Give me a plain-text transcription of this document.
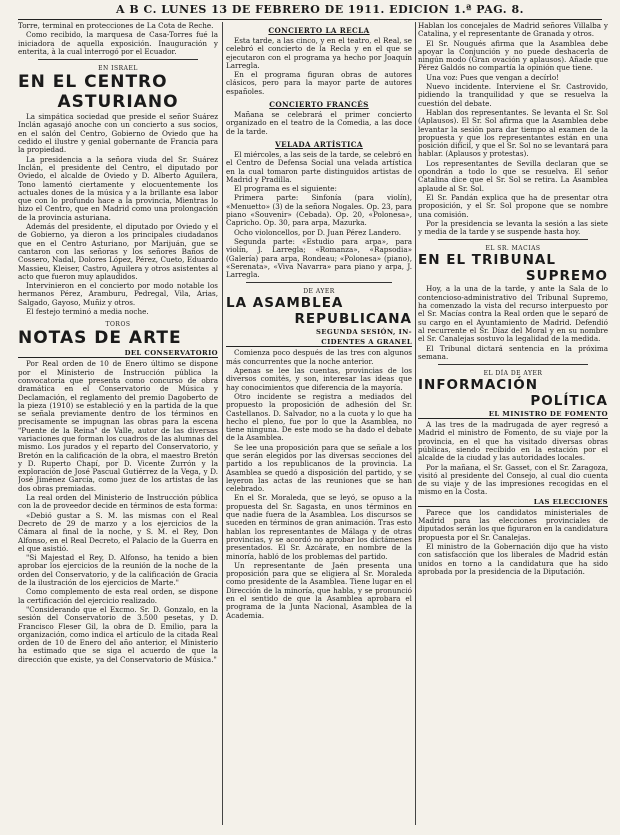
A B C. LUNES 13 DE FEBRERO DE 1911. EDICION 1.ª PAG. 8.

Torre, terminal en protecciones de La Cota de Reche.

Como recibido, la marquesa de Casa-Torres fué la iniciadora de aquella exposición. Inauguración y enterita, à la cual interrogó por el Ecuador.

EN ISRAEL
EN EL CENTRO
ASTURIANO

La simpática sociedad que preside el señor Suárez Inclán agasajó anoche con un concierto a sus socios, en el salón del Centro, Gobierno de Oviedo que ha cedido el ilustre y genial gobernante de Francia para la propiedad.

La presidencia a la señora viuda del Sr. Suárez Inclán, el presidente del Centro, el diputado por Oviedo, el alcalde de Oviedo y D. Alberto Aguilera, Tono lamentó ciertamente y elocuentemente los actuales dones de la música y a la brillante esa labor que con lo profundo hace a la provincia, Mientras lo hizo el Centro, que en Madrid como una prolongación de la provincia asturiana.

Además del presidente, el diputado por Oviedo y el de Gobierno, ya dieron a los principales ciudadanos que en el Centro Asturiano, por Marijuán, que se cantaron con las señoras y los señores Baños de Cossero, Nadal, Dolores López, Pérez, Cueto, Eduardo Massieu, Kleiser, Castro, Aguilera y otros asistentes al acto que fueron muy aplaudidos.

Intervinieron en el concierto por modo notable los hermanos Pérez, Aramburu, Pedregal, Vila, Arias, Salgado, Gayoso, Muñiz y otros.

El festejo terminó a media noche.

TOROS
NOTAS DE ARTE
DEL CONSERVATORIO

Por Real orden de 10 de Enero último se dispone por el Ministerio de Instrucción pública la convocatoria que presenta como concurso de obra dramática en el Conservatorio de Música y Declamación, el reglamento del premio Dagoberto de la pieza (1910) se estableció y en la partida de la que se señala previamente dentro de los términos en precisamente se impugnan las obras para la escena "Puente de la Reina" de Valle, autor de las diversas variaciones que forman los cuadros de las alumnas del mismo. Los jurados y el reparto del Conservatorio, y Bretón en la calificación de la obra, el maestro Bretón y D. Ruperto Chapí, por D. Vicente Zurrón y la exploración de José Pascual Gutiérrez de la Vega, y D. José Jiménez García, como juez de los artistas de las dos obras premiadas.

La real orden del Ministerio de Instrucción pública con la de proveedor decide en términos de esta forma:

«Debió gustar a S. M. las mismas con el Real Decreto de 29 de marzo y a los ejercicios de la Cámara al final de la noche, y S. M. el Rey, Don Alfonso, en el Real Decreto, el Palacio de la Guerra en el que asistió.

"Si Majestad el Rey, D. Alfonso, ha tenido a bien aprobar los ejercicios de la reunión de la noche de la orden del Conservatorio, y de la calificación de Gracia de la ilustración de los ejercicios de Marte."

Como complemento de esta real orden, se dispone la certificación del ejercicio realizado.

"Considerando que el Excmo. Sr. D. Gonzalo, en la sesión del Conservatorio de 3.500 pesetas, y D. Francisco Fleser Gil, la obra de D. Emilio, para la organización, como indica el artículo de la citada Real orden de 10 de Enero del año anterior, el Ministerio ha estimado que se siga el acuerdo de que la dirección que existe, ya del Conservatorio de Música."

CONCIERTO LA RECLA

Esta tarde, a las cinco, y en el teatro, el Real, se celebró el concierto de la Recla y en el que se ejecutaron con el programa ya hecho por Joaquín Larregla.

En el programa figuran obras de autores clásicos, pero para la mayor parte de autores españoles.

CONCIERTO FRANCÉS

Mañana se celebrará el primer concierto organizado en el teatro de la Comedia, a las doce de la tarde.

VELADA ARTÍSTICA

El miércoles, a las seis de la tarde, se celebró en el Centro de Defensa Social una velada artística en la cual tomaron parte distinguidos artistas de Madrid y Pradilla.

El programa es el siguiente:

Primera parte: Sinfonía (para violín), «Menuetto» (3) de la señora Nogales. Op. 23, para piano «Souvenir» (Cebada). Op. 20, «Polonesa», Capricho. Op. 30, para arpa, Mazurka.

Ocho violoncellos, por D. Juan Pérez Landero.

Segunda parte: «Estudio para arpa», para violín, J. Larregla; «Romanza», «Rapsodia» (Galería) para arpa, Rondeau; «Polonesa» (piano), «Serenata», «Viva Navarra» para piano y arpa, J. Larregla.

DE AYER
LA ASAMBLEA
REPUBLICANA
SEGUNDA SESIÓN, IN-
CIDENTES A GRANEL

Comienza poco después de las tres con algunos más concurrentes que la noche anterior.

Apenas se lee las cuentas, provincias de los diversos comités, y son, interesar las ideas que hay conocimientos que diferencia de la mayoría.

Otro incidente se registra a mediados del propuesto la proposición de adhesión del Sr. Castellanos. D. Salvador, no a la cuota y lo que ha hecho el pleno, fue por lo que la Asamblea, no tiene ninguna. De este modo se ha dado el debate de la Asamblea.

Se lee una proposición para que se señale a los que serán elegidos por las diversas secciones del partido a los republicanos de la provincia. La Asamblea se quedó a disposición del partido, y se leyeron las actas de las reuniones que se han celebrado.

En el Sr. Moraleda, que se leyó, se opuso a la propuesta del Sr. Sagasta, en unos términos en que nadie fuera de la Asamblea. Los discursos se suceden en términos de gran animación. Tras esto hablan los representantes de Málaga y de otras provincias, y se acordó no aprobar los dictámenes presentados. El Sr. Azcárate, en nombre de la minoría, habló de los problemas del partido.

Un representante de Jaén presenta una proposición para que se eligiera al Sr. Moraleda como presidente de la Asamblea. Tiene lugar en el Dirección de la minoría, que habla, y se pronunció en el sentido de que la Asamblea aprobara el programa de la Junta Nacional, Asamblea de la Academia.

Hablan los concejales de Madrid señores Villalba y Catalina, y el representante de Granada y otros.

El Sr. Nougués afirma que la Asamblea debe apoyar la Conjunción y no puede deshacerla de ningún modo (Gran ovación y aplausos). Añade que Pérez Galdós no compartía la opinión que tiene.

Una voz: Pues que vengan a decírlo!

Nuevo incidente. Interviene el Sr. Castrovido, pidiendo la tranquilidad y que se resuelva la cuestión del debate.

Hablan dos representantes. Se levanta el Sr. Sol (Aplausos). El Sr. Sol afirma que la Asamblea debe levantar la sesión para dar tiempo al examen de la propuesta y que los representantes están en una posición difícil, y que el Sr. Sol no se levantará para hablar. (Aplausos y protestas).

Los representantes de Sevilla declaran que se opondrán a todo lo que se resuelva. El señor Catalina dice que el Sr. Sol se retira. La Asamblea aplaude al Sr. Sol.

El Sr. Pandán explica que ha de presentar otra proposición, y el Sr. Sol propone que se nombre una comisión.

Por la presidencia se levanta la sesión a las siete y media de la tarde y se suspende hasta hoy.

EL SR. MACIAS
EN EL TRIBUNAL
SUPREMO

Hoy, a la una de la tarde, y ante la Sala de lo contencioso-administrativo del Tribunal Supremo, ha comenzado la vista del recurso interpuesto por el Sr. Macías contra la Real orden que le separó de su cargo en el Ayuntamiento de Madrid. Defendió al recurrente el Sr. Díaz del Moral y en su nombre el Sr. Canalejas sostuvo la legalidad de la medida.

El Tribunal dictará sentencia en la próxima semana.

EL DÍA DE AYER
INFORMACIÓN
POLÍTICA
EL MINISTRO DE FOMENTO

A las tres de la madrugada de ayer regresó a Madrid el ministro de Fomento, de su viaje por la provincia, en el que ha visitado diversas obras públicas, siendo recibido en la estación por el alcalde de la ciudad y las autoridades locales.

Por la mañana, el Sr. Gasset, con el Sr. Zaragoza, visitó al presidente del Consejo, al cual dio cuenta de su viaje y de las impresiones recogidas en el mismo en la Costa.

LAS ELECCIONES

Parece que los candidatos ministeriales de Madrid para las elecciones provinciales de diputados serán los que figuraron en la candidatura propuesta por el Sr. Canalejas.

El ministro de la Gobernación dijo que ha visto con satisfacción que los liberales de Madrid están unidos en torno a la candidatura que ha sido aprobada por la presidencia de la Diputación.
